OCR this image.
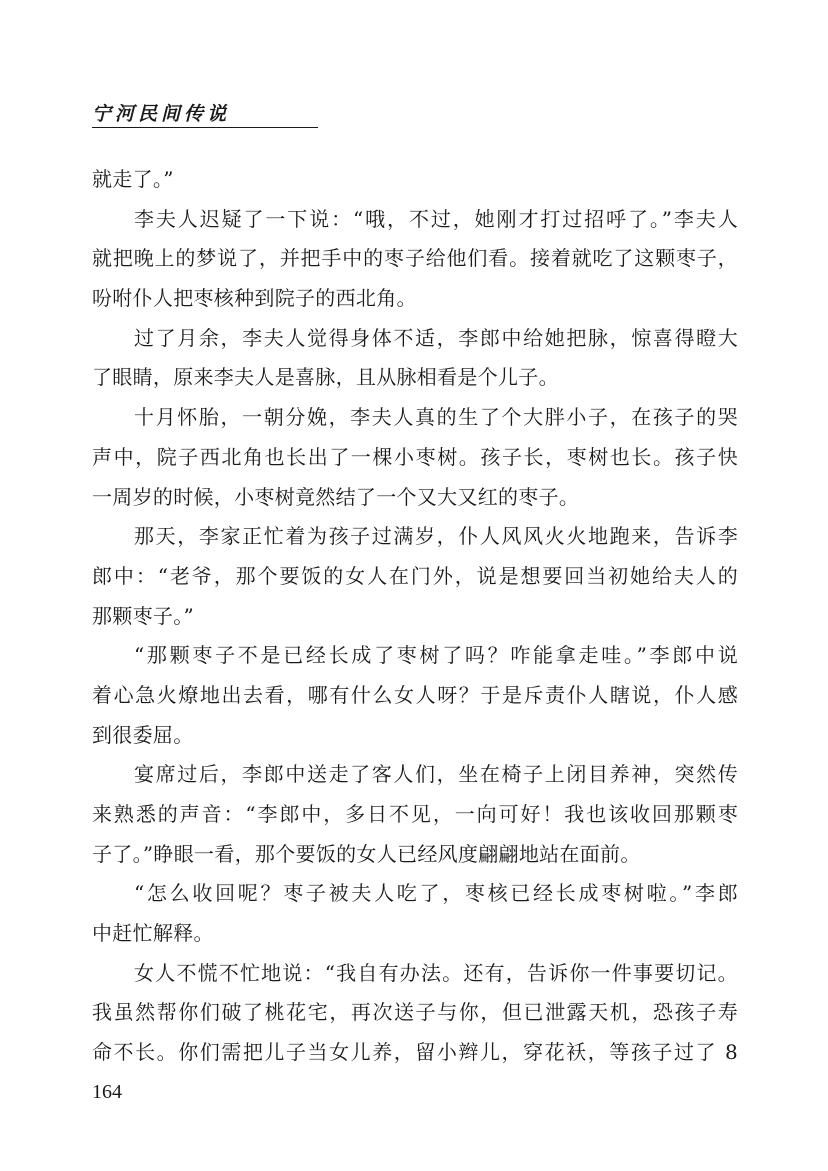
宁河民间传说
就走了。”
李夫人迟疑了一下说：“哦，不过，她刚才打过招呼了。”李夫人
就把晚上的梦说了，并把手中的枣子给他们看。接着就吃了这颗枣子，
吩咐仆人把枣核种到院子的西北角。
过了月余，李夫人觉得身体不适，李郎中给她把脉，惊喜得瞪大
了眼睛，原来李夫人是喜脉，且从脉相看是个儿子。
十月怀胎，一朝分娩，李夫人真的生了个大胖小子，在孩子的哭
声中，院子西北角也长出了一棵小枣树。孩子长，枣树也长。孩子快
一周岁的时候，小枣树竟然结了一个又大又红的枣子。
那天，李家正忙着为孩子过满岁，仆人风风火火地跑来，告诉李
郎中：“老爷，那个要饭的女人在门外，说是想要回当初她给夫人的
那颗枣子。”
“那颗枣子不是已经长成了枣树了吗？咋能拿走哇。”李郎中说
着心急火燎地出去看，哪有什么女人呀？于是斥责仆人瞎说，仆人感
到很委屈。
宴席过后，李郎中送走了客人们，坐在椅子上闭目养神，突然传
来熟悉的声音：“李郎中，多日不见，一向可好！我也该收回那颗枣
子了。”睁眼一看，那个要饭的女人已经风度翩翩地站在面前。
“怎么收回呢？枣子被夫人吃了，枣核已经长成枣树啦。”李郎
中赶忙解释。
女人不慌不忙地说：“我自有办法。还有，告诉你一件事要切记。
我虽然帮你们破了桃花宅，再次送子与你，但已泄露天机，恐孩子寿
命不长。你们需把儿子当女儿养，留小辫儿，穿花袄，等孩子过了 8
164
